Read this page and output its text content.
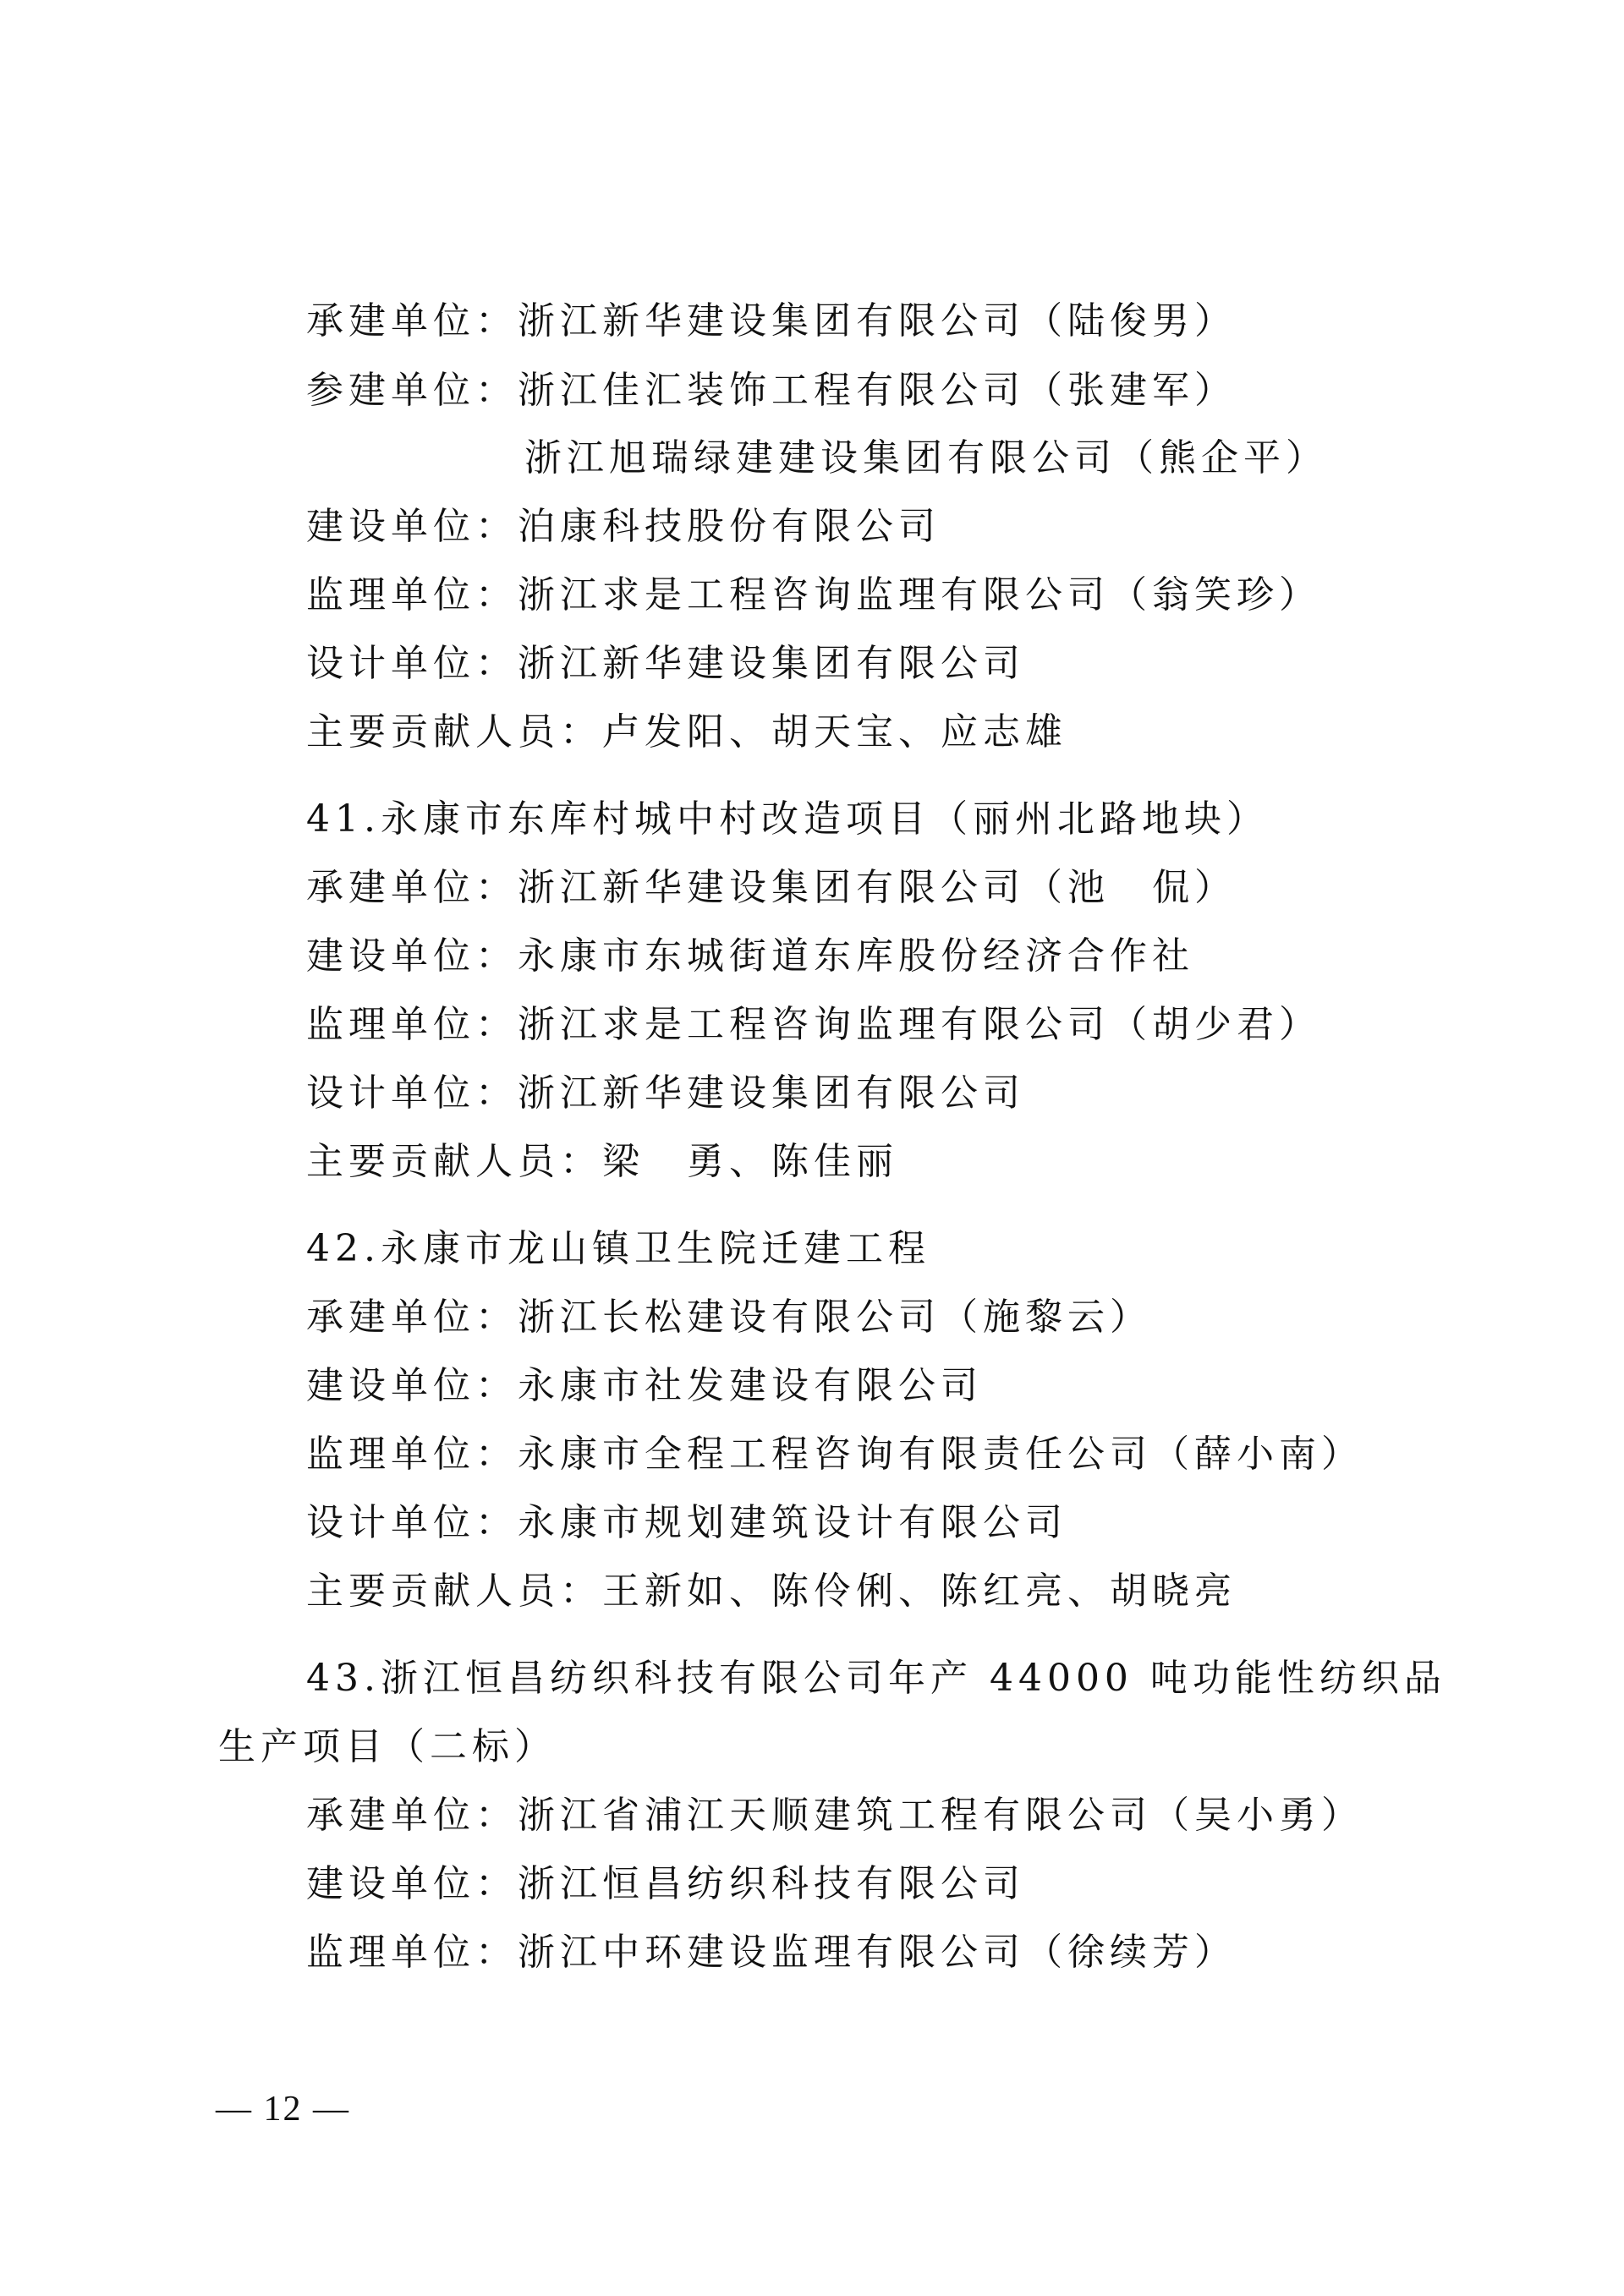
承建单位：浙江新华建设集团有限公司（陆俊男）
参建单位：浙江佳汇装饰工程有限公司（张建军）
浙江旭瑞绿建建设集团有限公司（熊企平）
建设单位：泊康科技股份有限公司
监理单位：浙江求是工程咨询监理有限公司（翁笑珍）
设计单位：浙江新华建设集团有限公司
主要贡献人员：卢发阳、胡天宝、应志雄
41.永康市东库村城中村改造项目（丽州北路地块）
承建单位：浙江新华建设集团有限公司（池　侃）
建设单位：永康市东城街道东库股份经济合作社
监理单位：浙江求是工程咨询监理有限公司（胡少君）
设计单位：浙江新华建设集团有限公司
主要贡献人员：梁　勇、陈佳丽
42.永康市龙山镇卫生院迁建工程
承建单位：浙江长松建设有限公司（施黎云）
建设单位：永康市社发建设有限公司
监理单位：永康市全程工程咨询有限责任公司（薛小南）
设计单位：永康市规划建筑设计有限公司
主要贡献人员：王新如、陈伶俐、陈红亮、胡晓亮
43.浙江恒昌纺织科技有限公司年产 44000 吨功能性纺织品
生产项目（二标）
承建单位：浙江省浦江天顺建筑工程有限公司（吴小勇）
建设单位：浙江恒昌纺织科技有限公司
监理单位：浙江中环建设监理有限公司（徐续芳）
— 12 —
